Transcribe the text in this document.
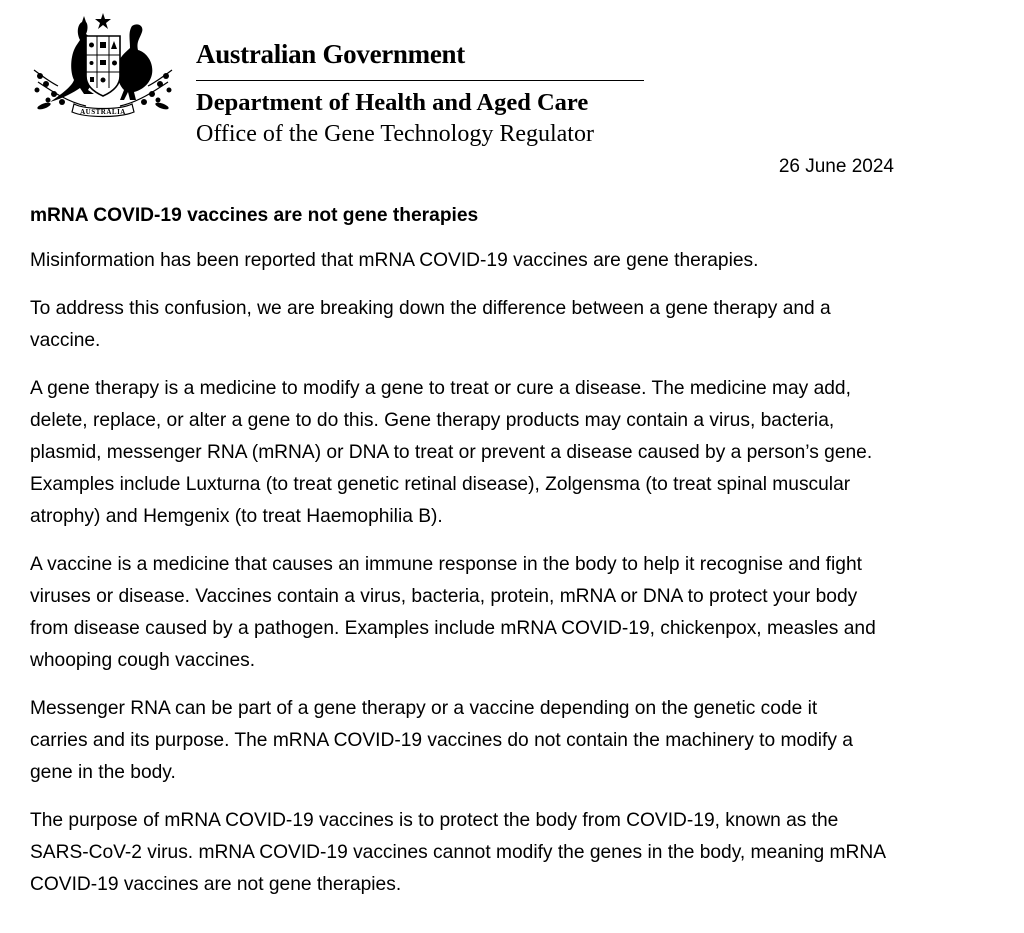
AUSTRALIA
Australian Government
Department of Health and Aged Care
Office of the Gene Technology Regulator
26 June 2024
mRNA COVID-19 vaccines are not gene therapies

Misinformation has been reported that mRNA COVID-19 vaccines are gene therapies.

To address this confusion, we are breaking down the difference between a gene therapy and a
vaccine.

A gene therapy is a medicine to modify a gene to treat or cure a disease. The medicine may add,
delete, replace, or alter a gene to do this. Gene therapy products may contain a virus, bacteria,
plasmid, messenger RNA (mRNA) or DNA to treat or prevent a disease caused by a person’s gene.
Examples include Luxturna (to treat genetic retinal disease), Zolgensma (to treat spinal muscular
atrophy) and Hemgenix (to treat Haemophilia B).

A vaccine is a medicine that causes an immune response in the body to help it recognise and fight
viruses or disease. Vaccines contain a virus, bacteria, protein, mRNA or DNA to protect your body
from disease caused by a pathogen. Examples include mRNA COVID-19, chickenpox, measles and
whooping cough vaccines.

Messenger RNA can be part of a gene therapy or a vaccine depending on the genetic code it
carries and its purpose. The mRNA COVID-19 vaccines do not contain the machinery to modify a
gene in the body.

The purpose of mRNA COVID-19 vaccines is to protect the body from COVID-19, known as the
SARS-CoV-2 virus. mRNA COVID-19 vaccines cannot modify the genes in the body, meaning mRNA
COVID-19 vaccines are not gene therapies.
